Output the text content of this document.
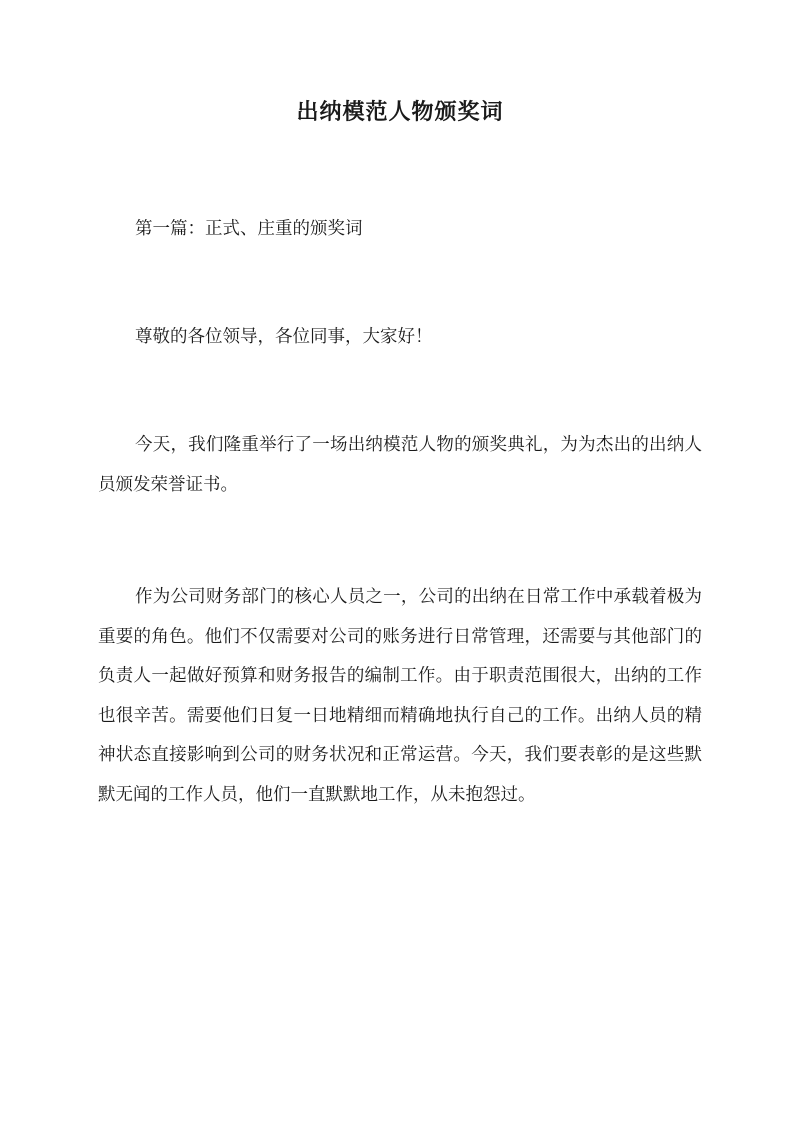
出纳模范人物颁奖词

第一篇：正式、庄重的颁奖词

尊敬的各位领导，各位同事，大家好！

今天，我们隆重举行了一场出纳模范人物的颁奖典礼，为为杰出的出纳人员颁发荣誉证书。

作为公司财务部门的核心人员之一，公司的出纳在日常工作中承载着极为重要的角色。他们不仅需要对公司的账务进行日常管理，还需要与其他部门的负责人一起做好预算和财务报告的编制工作。由于职责范围很大，出纳的工作也很辛苦。需要他们日复一日地精细而精确地执行自己的工作。出纳人员的精神状态直接影响到公司的财务状况和正常运营。今天，我们要表彰的是这些默默无闻的工作人员，他们一直默默地工作，从未抱怨过。
